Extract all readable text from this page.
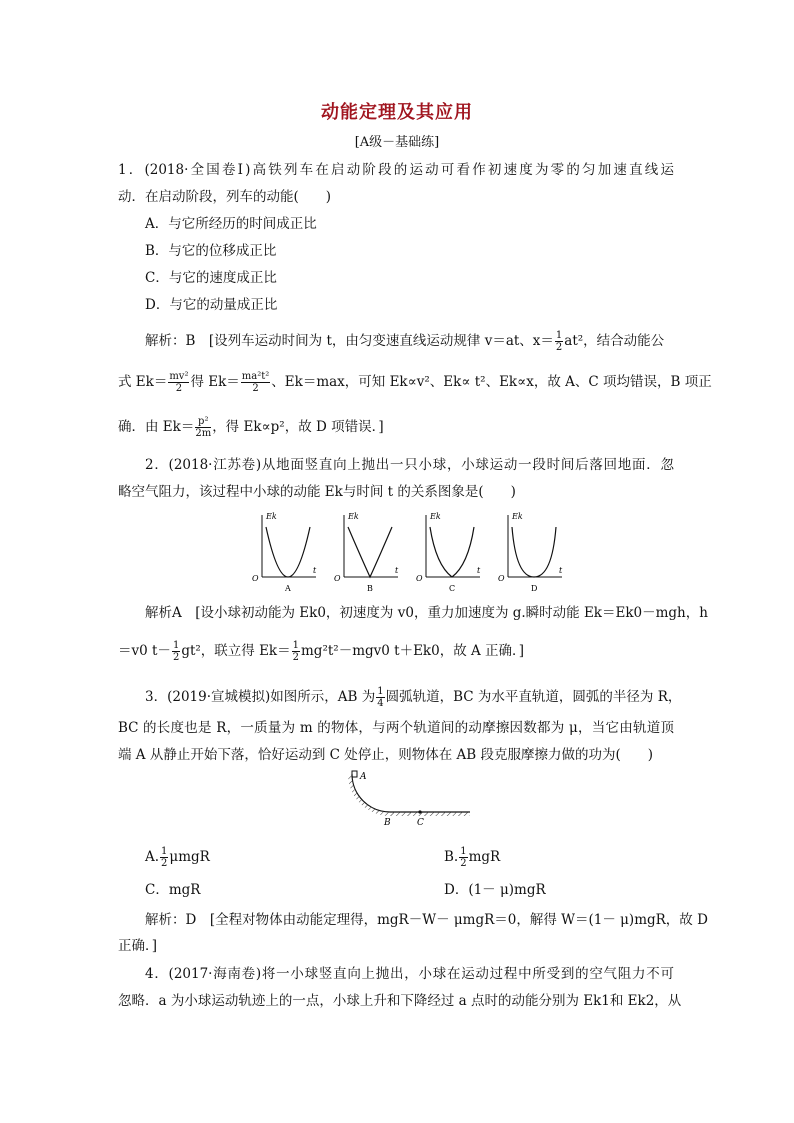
动能定理及其应用
[A级－基础练]
1．(2018·全国卷Ⅰ)高铁列车在启动阶段的运动可看作初速度为零的匀加速直线运
动．在启动阶段，列车的动能(　　)
A．与它所经历的时间成正比
B．与它的位移成正比
C．与它的速度成正比
D．与它的动量成正比
解析：B　[设列车运动时间为 t，由匀变速直线运动规律 v＝at、$x= \frac{1}{2} at^2$，结合动能公
式 $Ek= \frac{\text{mv²}}{2}$ 得 $Ek= \frac{\text{ma²t²}}{2}$ 、Ek＝max，可知 Ek∝v²、Ek∝ t²、Ek∝x，故 A、C 项均错误，B 项正
确．由 $Ek= \frac{\text{p²}}{2m}$ ，得 Ek∝p²，故 D 项错误．]
2．(2018·江苏卷)从地面竖直向上抛出一只小球，小球运动一段时间后落回地面．忽
略空气阻力，该过程中小球的动能 Ek与时间 t 的关系图象是(　　)
Ek
t
O
A
Ek
t
O
B
Ek
t
O
C
Ek
t
O
D
解析A　[设小球初动能为 Ek0，初速度为 v0，重力加速度为 g.瞬时动能 Ek＝Ek0－mgh，h
＝v0 $t- \frac{1}{2} gt^2$，联立得 $Ek= \frac{1}{2} mg^2t^2-mgv0$ t＋Ek0，故 A 正确．]
3．(2019·宣城模拟)如图所示，AB 为 $\frac{1}{4}$ 圆弧轨道，BC 为水平直轨道，圆弧的半径为 R，
BC 的长度也是 R，一质量为 m 的物体，与两个轨道间的动摩擦因数都为 μ，当它由轨道顶
端 A 从静止开始下落，恰好运动到 C 处停止，则物体在 AB 段克服摩擦力做的功为(　　)
A
B	C
A. $\frac{1}{2}$ μmgR	B. $\frac{1}{2}$ mgR
C．mgR	D．(1－ μ)mgR
解析：D　[全程对物体由动能定理得，mgR－W－ μmgR＝0，解得 W＝(1－ μ)mgR，故 D
正确．]
4．(2017·海南卷)将一小球竖直向上抛出，小球在运动过程中所受到的空气阻力不可
忽略．a 为小球运动轨迹上的一点，小球上升和下降经过 a 点时的动能分别为 Ek1和 Ek2，从
